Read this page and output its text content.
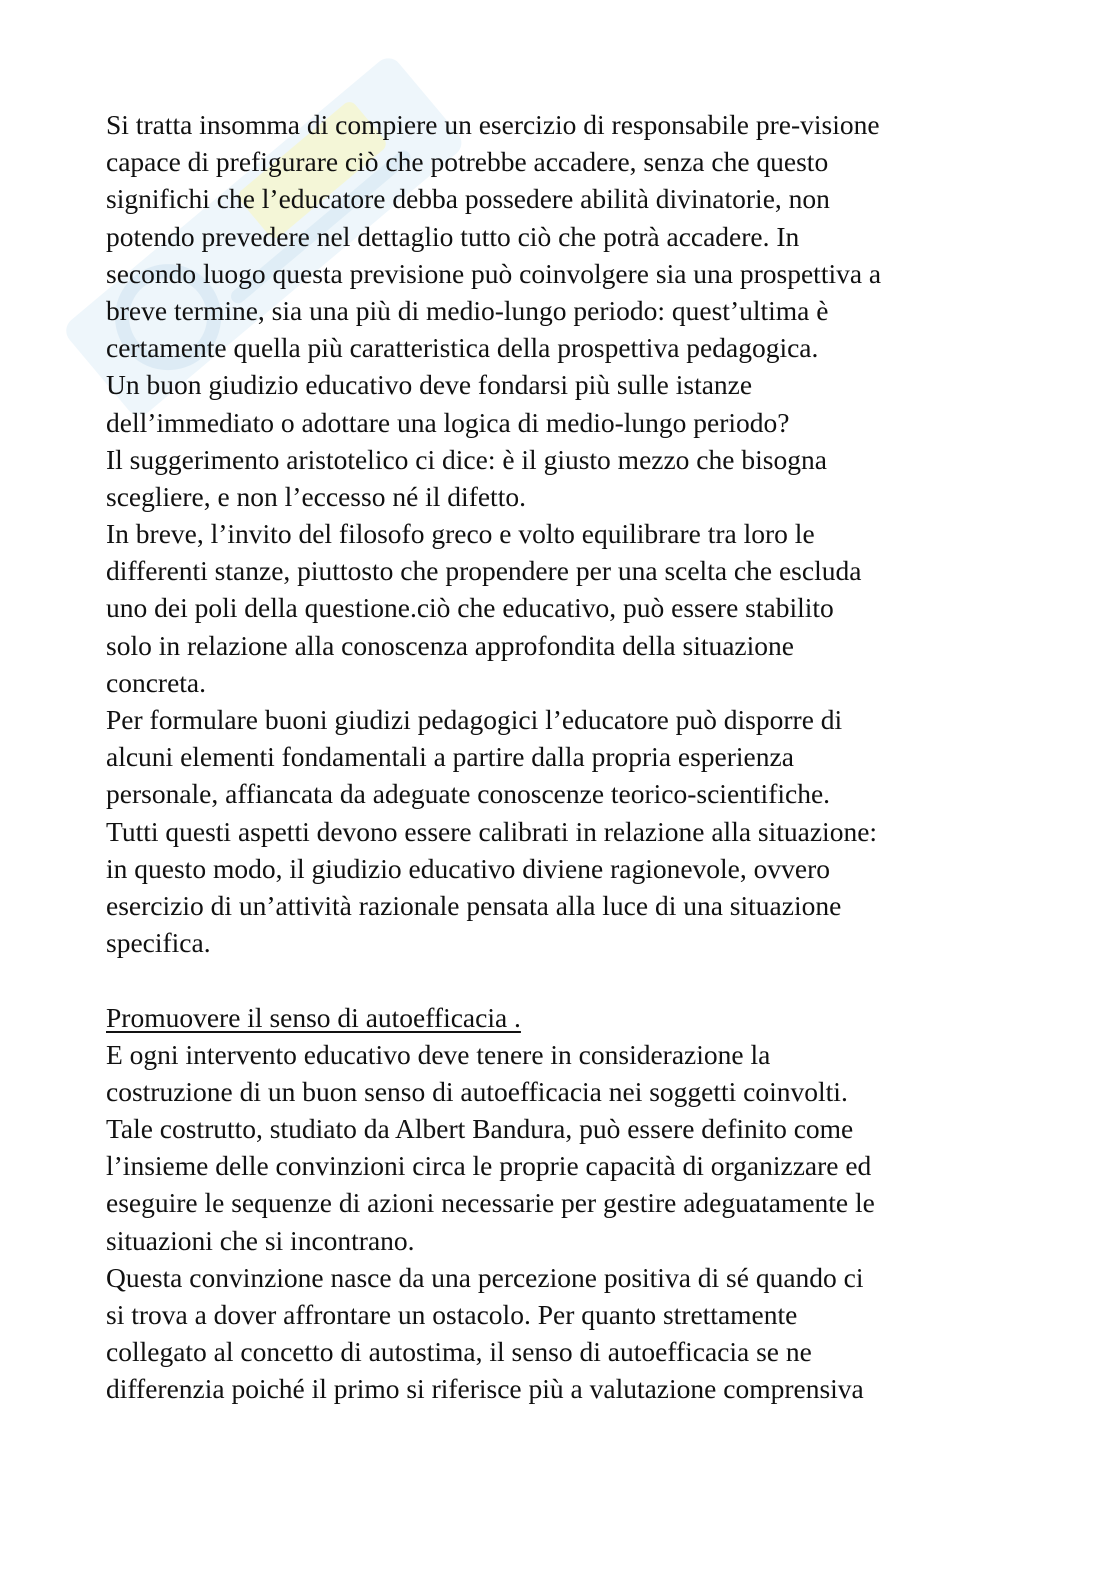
Si tratta insomma di compiere un esercizio di responsabile pre-visione
capace di prefigurare ciò che potrebbe accadere, senza che questo
significhi che l’educatore debba possedere abilità divinatorie, non
potendo prevedere nel dettaglio tutto ciò che potrà accadere. In
secondo luogo questa previsione può coinvolgere sia una prospettiva a
breve termine, sia una più di medio-lungo periodo: quest’ultima è
certamente quella più caratteristica della prospettiva pedagogica.
Un buon giudizio educativo deve fondarsi più sulle istanze
dell’immediato o adottare una logica di medio-lungo periodo?
Il suggerimento aristotelico ci dice: è il giusto mezzo che bisogna
scegliere, e non l’eccesso né il difetto.
In breve, l’invito del filosofo greco e volto equilibrare tra loro le
differenti stanze, piuttosto che propendere per una scelta che escluda
uno dei poli della questione.ciò che educativo, può essere stabilito
solo in relazione alla conoscenza approfondita della situazione
concreta.
Per formulare buoni giudizi pedagogici l’educatore può disporre di
alcuni elementi fondamentali a partire dalla propria esperienza
personale, affiancata da adeguate conoscenze teorico-scientifiche.
Tutti questi aspetti devono essere calibrati in relazione alla situazione:
in questo modo, il giudizio educativo diviene ragionevole, ovvero
esercizio di un’attività razionale pensata alla luce di una situazione
specifica.
Promuovere il senso di autoefficacia .
E ogni intervento educativo deve tenere in considerazione la
costruzione di un buon senso di autoefficacia nei soggetti coinvolti.
Tale costrutto, studiato da Albert Bandura, può essere definito come
l’insieme delle convinzioni circa le proprie capacità di organizzare ed
eseguire le sequenze di azioni necessarie per gestire adeguatamente le
situazioni che si incontrano.
Questa convinzione nasce da una percezione positiva di sé quando ci
si trova a dover affrontare un ostacolo. Per quanto strettamente
collegato al concetto di autostima, il senso di autoefficacia se ne
differenzia poiché il primo si riferisce più a valutazione comprensiva
